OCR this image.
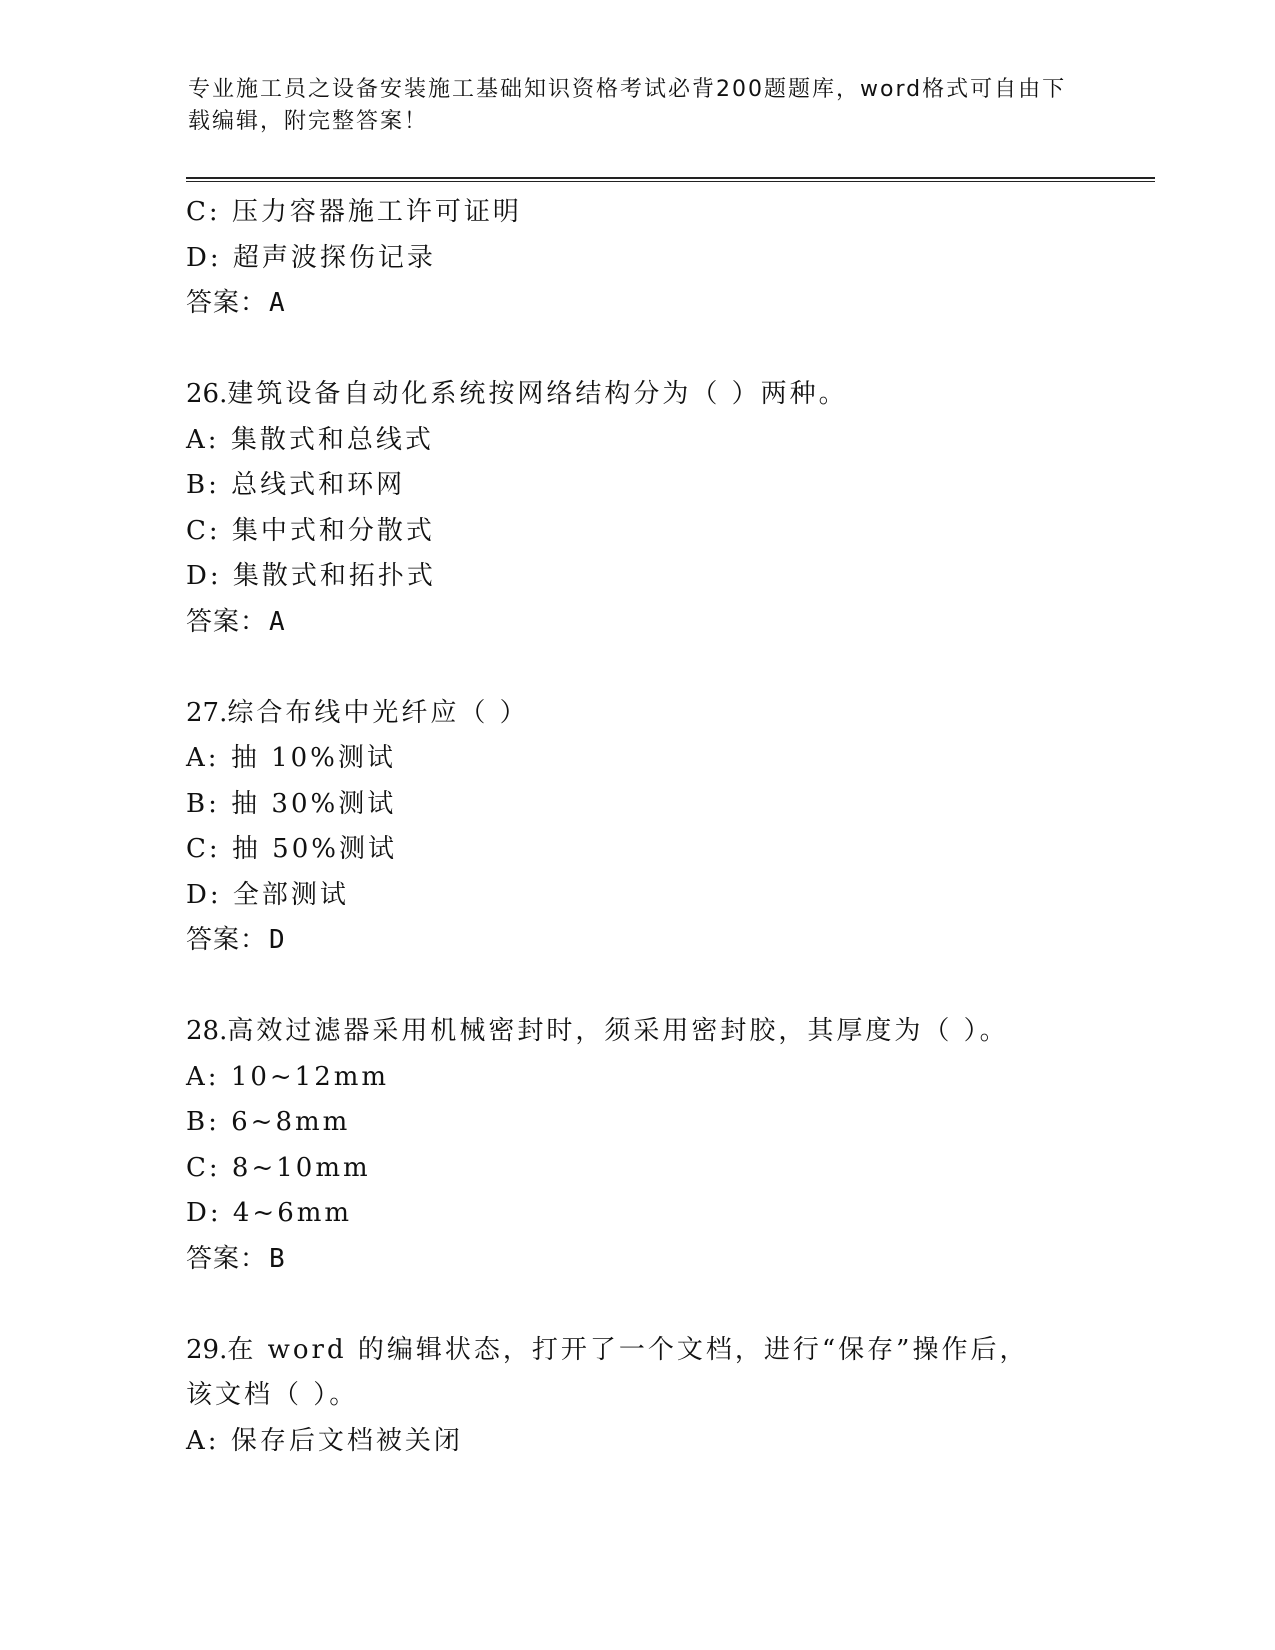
专业施工员之设备安装施工基础知识资格考试必背200题题库，word格式可自由下载编辑，附完整答案！
C: 压力容器施工许可证明
D: 超声波探伤记录
答案：A
26.建筑设备自动化系统按网络结构分为（ ）两种。
A: 集散式和总线式
B: 总线式和环网
C: 集中式和分散式
D: 集散式和拓扑式
答案：A
27.综合布线中光纤应（ ）
A: 抽 10%测试
B: 抽 30%测试
C: 抽 50%测试
D: 全部测试
答案：D
28.高效过滤器采用机械密封时，须采用密封胶，其厚度为（ ）。
A: 10~12mm
B: 6~8mm
C: 8~10mm
D: 4~6mm
答案：B
29.在 word 的编辑状态，打开了一个文档，进行“保存”操作后，该文档（ ）。
A: 保存后文档被关闭
